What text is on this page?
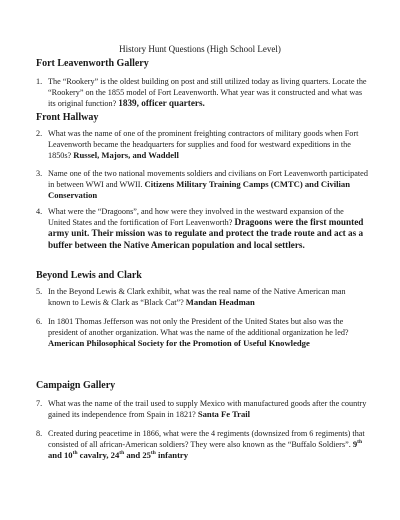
History Hunt Questions (High School Level)
Fort Leavenworth Gallery
1. The “Rookery” is the oldest building on post and still utilized today as living quarters. Locate the “Rookery” on the 1855 model of Fort Leavenworth. What year was it constructed and what was its original function? 1839, officer quarters.
Front Hallway
2. What was the name of one of the prominent freighting contractors of military goods when Fort Leavenworth became the headquarters for supplies and food for westward expeditions in the 1850s? Russel, Majors, and Waddell
3. Name one of the two national movements soldiers and civilians on Fort Leavenworth participated in between WWI and WWII. Citizens Military Training Camps (CMTC) and Civilian Conservation
4. What were the “Dragoons”, and how were they involved in the westward expansion of the United States and the fortification of Fort Leavenworth? Dragoons were the first mounted army unit. Their mission was to regulate and protect the trade route and act as a buffer between the Native American population and local settlers.
Beyond Lewis and Clark
5. In the Beyond Lewis & Clark exhibit, what was the real name of the Native American man known to Lewis & Clark as “Black Cat”? Mandan Headman
6. In 1801 Thomas Jefferson was not only the President of the United States but also was the president of another organization. What was the name of the additional organization he led? American Philosophical Society for the Promotion of Useful Knowledge
Campaign Gallery
7. What was the name of the trail used to supply Mexico with manufactured goods after the country gained its independence from Spain in 1821? Santa Fe Trail
8. Created during peacetime in 1866, what were the 4 regiments (downsized from 6 regiments) that consisted of all african-American soldiers? They were also known as the “Buffalo Soldiers”. 9th and 10th cavalry, 24th and 25th infantry
